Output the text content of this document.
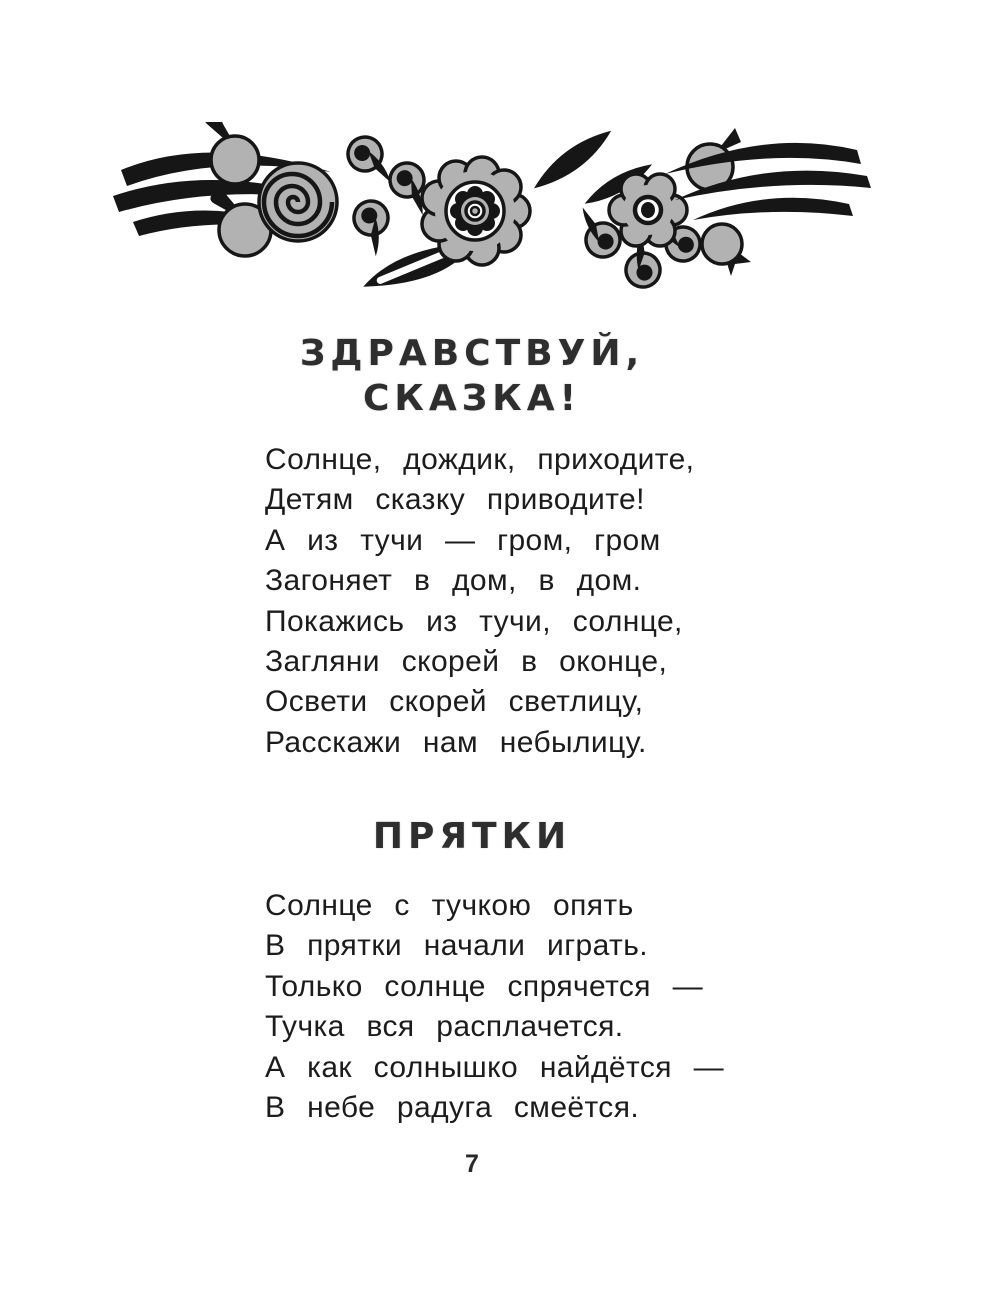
ЗДРАВСТВУЙ,
СКАЗКА!
Солнце, дождик, приходите,
Детям сказку приводите!
А из тучи — гром, гром
Загоняет в дом, в дом.
Покажись из тучи, солнце,
Загляни скорей в оконце,
Освети скорей светлицу,
Расскажи нам небылицу.
ПРЯТКИ
Солнце с тучкою опять
В прятки начали играть.
Только солнце спрячется —
Тучка вся расплачется.
А как солнышко найдётся —
В небе радуга смеётся.
7
